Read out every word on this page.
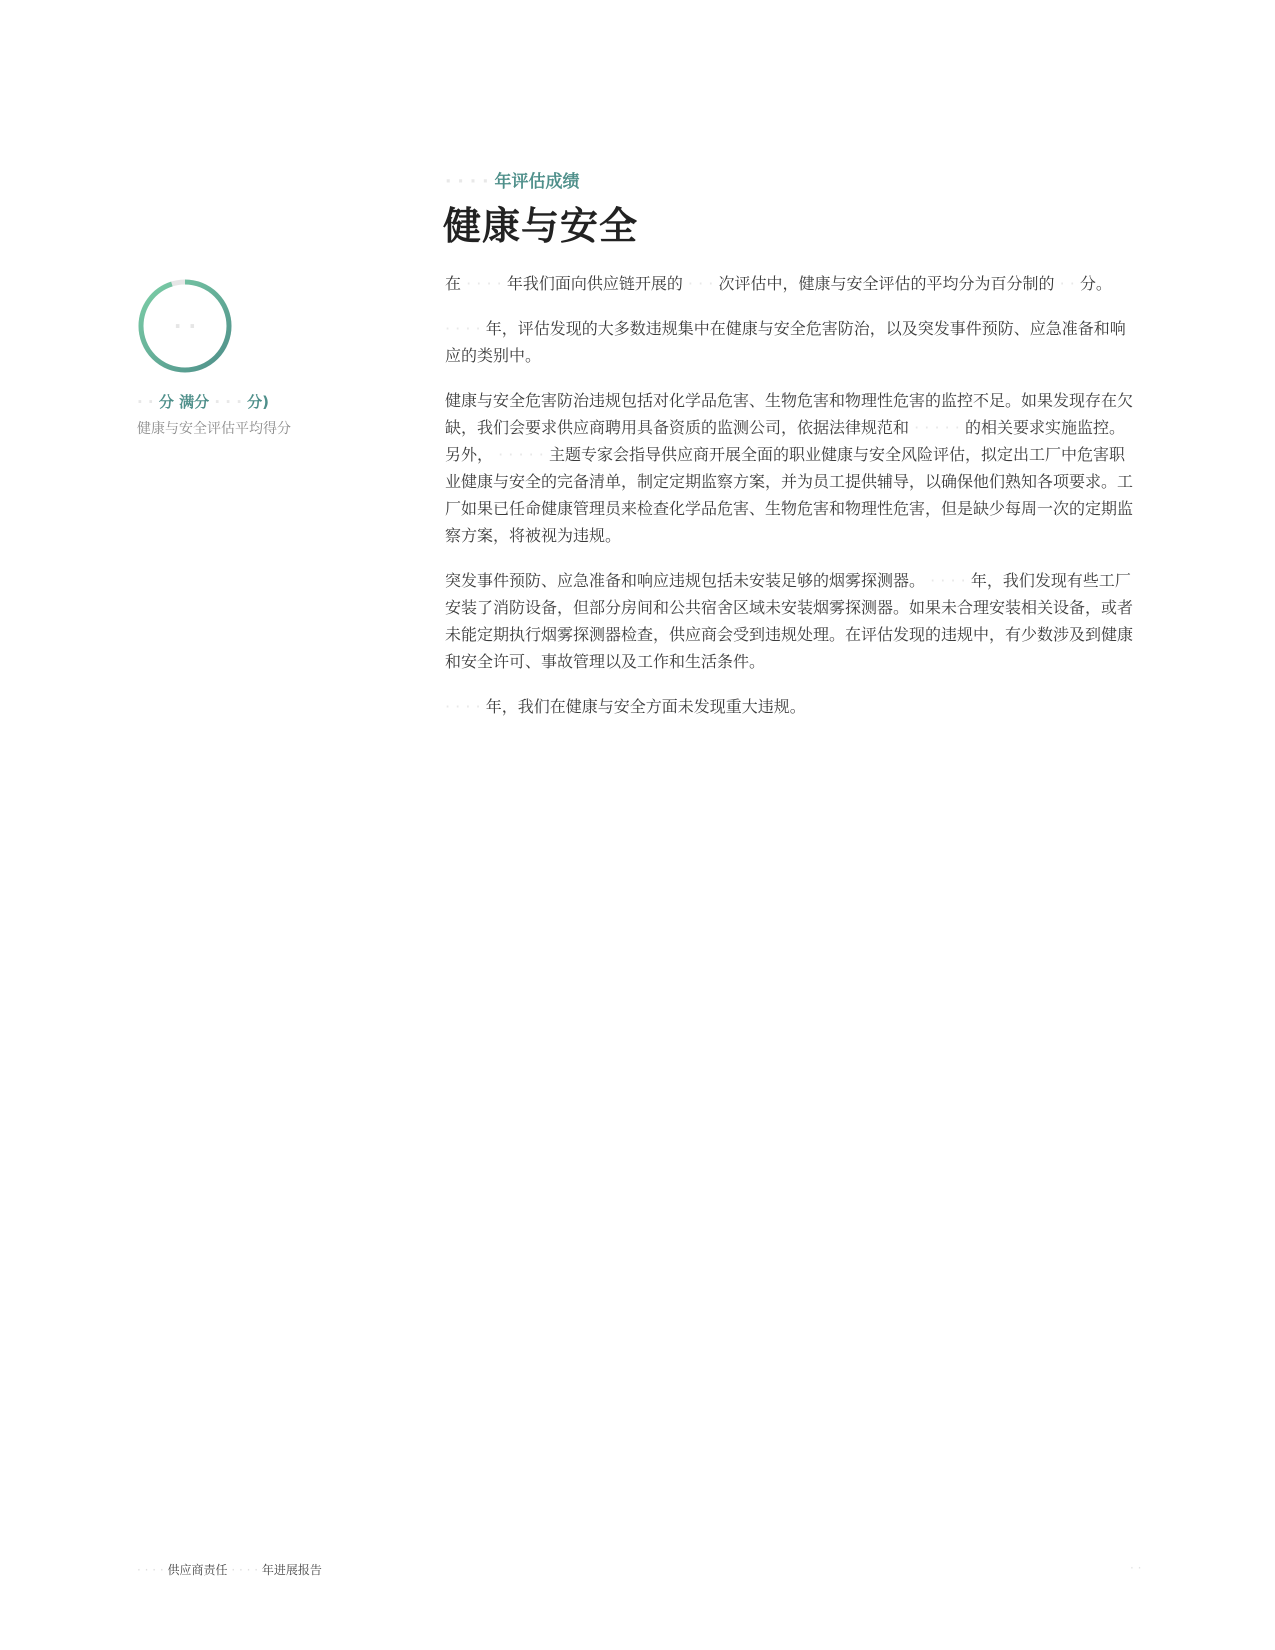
· ·
· · 分 满分 · · · 分)
健康与安全评估平均得分
· · · · 年评估成绩
健康与安全

在 · · · · 年我们面向供应链开展的 · · · 次评估中，健康与安全评估的平均分为百分制的 · · 分。

· · · · 年，评估发现的大多数违规集中在健康与安全危害防治，以及突发事件预防、应急准备和响应的类别中。

健康与安全危害防治违规包括对化学品危害、生物危害和物理性危害的监控不足。如果发现存在欠缺，我们会要求供应商聘用具备资质的监测公司，依据法律规范和 · · · · · 的相关要求实施监控。另外， · · · · · 主题专家会指导供应商开展全面的职业健康与安全风险评估，拟定出工厂中危害职业健康与安全的完备清单，制定定期监察方案，并为员工提供辅导，以确保他们熟知各项要求。工厂如果已任命健康管理员来检查化学品危害、生物危害和物理性危害，但是缺少每周一次的定期监察方案，将被视为违规。

突发事件预防、应急准备和响应违规包括未安装足够的烟雾探测器。 · · · · 年，我们发现有些工厂安装了消防设备，但部分房间和公共宿舍区域未安装烟雾探测器。如果未合理安装相关设备，或者未能定期执行烟雾探测器检查，供应商会受到违规处理。在评估发现的违规中，有少数涉及到健康和安全许可、事故管理以及工作和生活条件。

· · · · 年，我们在健康与安全方面未发现重大违规。

· · · · 供应商责任 · · · · 年进展报告	· ·
